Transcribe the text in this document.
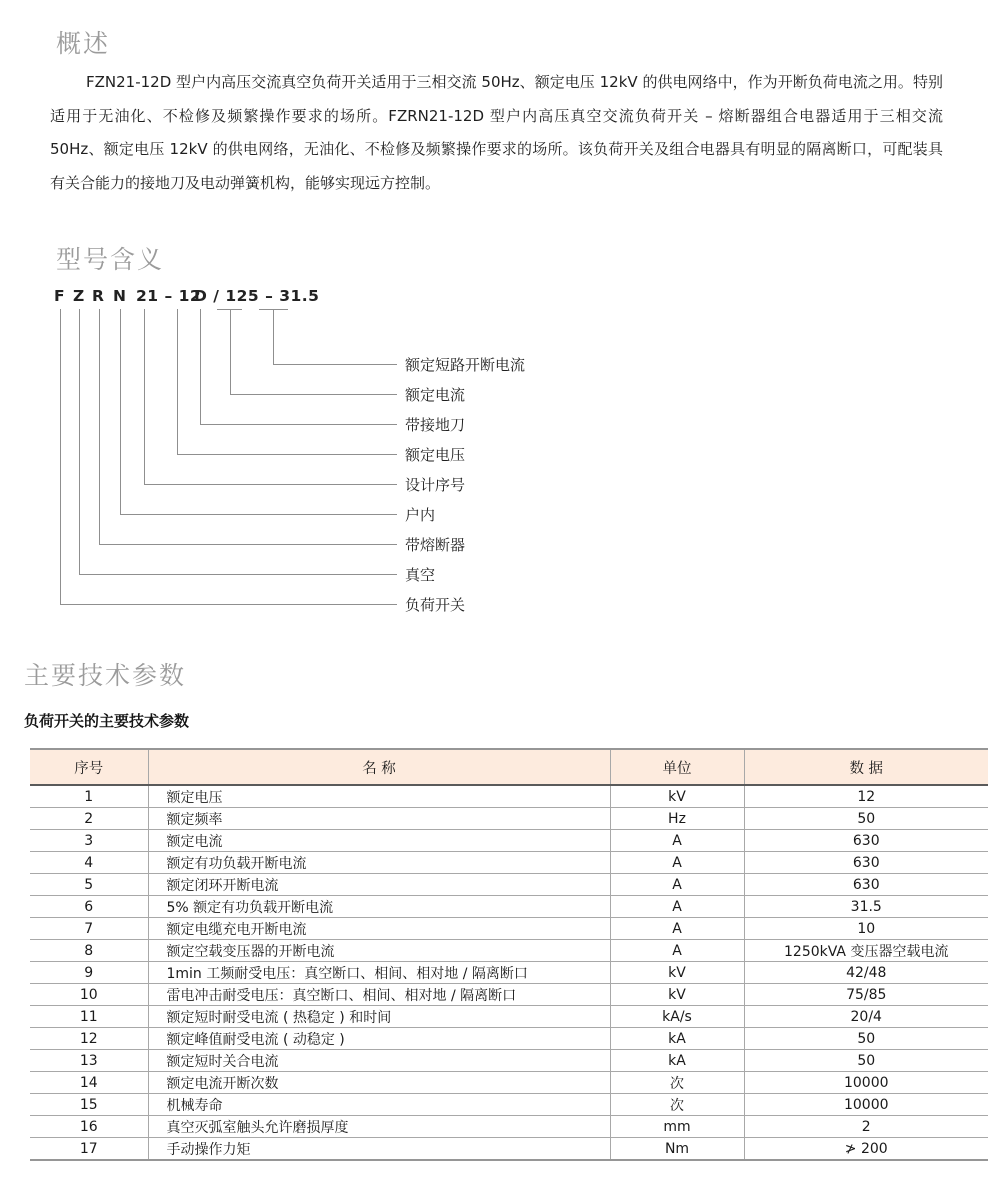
概述

FZN21-12D 型户内高压交流真空负荷开关适用于三相交流 50Hz、额定电压 12kV 的供电网络中，作为开断负荷电流之用。特别适用于无油化、不检修及频繁操作要求的场所。FZRN21-12D 型户内高压真空交流负荷开关 – 熔断器组合电器适用于三相交流 50Hz、额定电压 12kV 的供电网络，无油化、不检修及频繁操作要求的场所。该负荷开关及组合电器具有明显的隔离断口，可配装具有关合能力的接地刀及电动弹簧机构，能够实现远方控制。

型号含义
F Z R N 21 – 12
D / 125 – 31.5
负荷开关
真空
带熔断器
户内
设计序号
额定电压
带接地刀
额定电流
额定短路开断电流
主要技术参数
负荷开关的主要技术参数
序号	名 称	单位	数 据
1	额定电压	kV	12
2	额定频率	Hz	50
3	额定电流	A	630
4	额定有功负载开断电流	A	630
5	额定闭环开断电流	A	630
6	5% 额定有功负载开断电流	A	31.5
7	额定电缆充电开断电流	A	10
8	额定空载变压器的开断电流	A	1250kVA 变压器空载电流
9	1min 工频耐受电压：真空断口、相间、相对地 / 隔离断口	kV	42/48
10	雷电冲击耐受电压：真空断口、相间、相对地 / 隔离断口	kV	75/85
11	额定短时耐受电流 ( 热稳定 ) 和时间	kA/s	20/4
12	额定峰值耐受电流 ( 动稳定 )	kA	50
13	额定短时关合电流	kA	50
14	额定电流开断次数	次	10000
15	机械寿命	次	10000
16	真空灭弧室触头允许磨损厚度	mm	2
17	手动操作力矩	Nm	≯ 200
